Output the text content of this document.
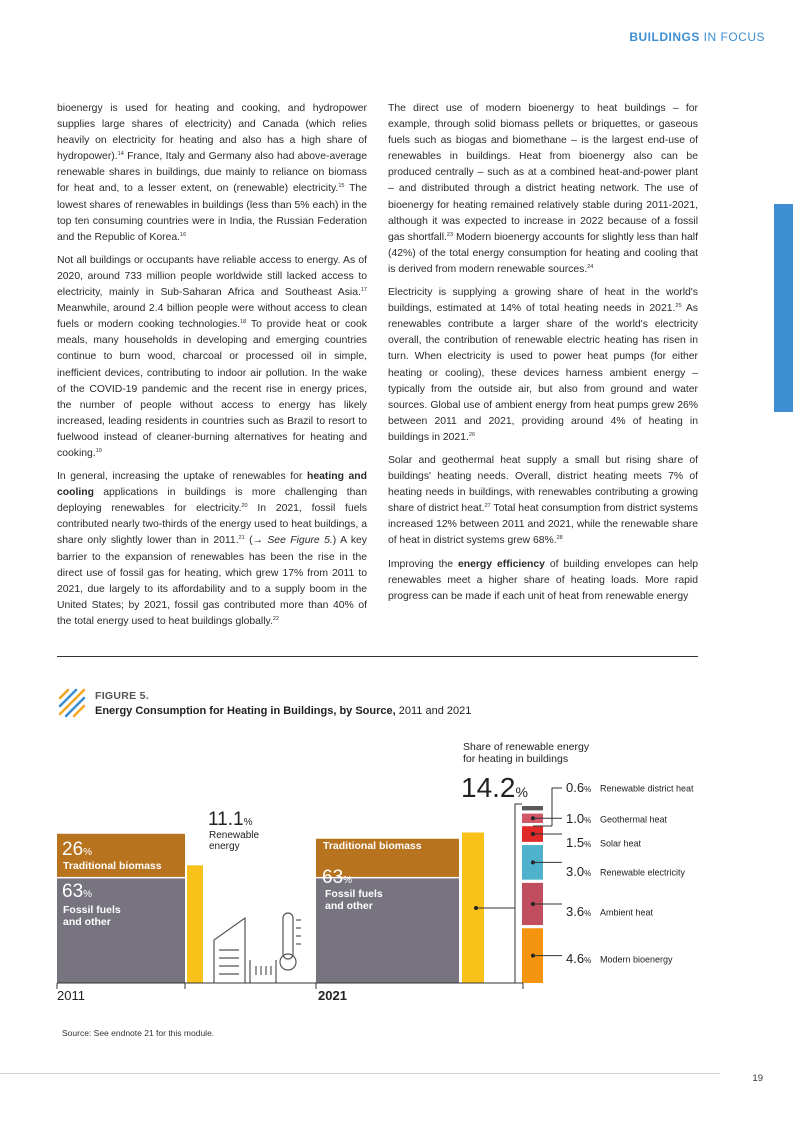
BUILDINGS IN FOCUS

bioenergy is used for heating and cooking, and hydropower supplies large shares of electricity) and Canada (which relies heavily on electricity for heating and also has a high share of hydropower).$^{14}$ France, Italy and Germany also had above-average renewable shares in buildings, due mainly to reliance on biomass for heat and, to a lesser extent, on (renewable) electricity.$^{15}$ The lowest shares of renewables in buildings (less than 5% each) in the top ten consuming countries were in India, the Russian Federation and the Republic of Korea.$^{16}$

Not all buildings or occupants have reliable access to energy. As of 2020, around 733 million people worldwide still lacked access to electricity, mainly in Sub-Saharan Africa and Southeast Asia.$^{17}$ Meanwhile, around 2.4 billion people were without access to clean fuels or modern cooking technologies.$^{18}$ To provide heat or cook meals, many households in developing and emerging countries continue to burn wood, charcoal or processed oil in simple, inefficient devices, contributing to indoor air pollution. In the wake of the COVID-19 pandemic and the recent rise in energy prices, the number of people without access to energy has likely increased, leading residents in countries such as Brazil to resort to fuelwood instead of cleaner-burning alternatives for heating and cooking.$^{19}$

In general, increasing the uptake of renewables for heating and cooling applications in buildings is more challenging than deploying renewables for electricity.$^{20}$ In 2021, fossil fuels contributed nearly two-thirds of the energy used to heat buildings, a share only slightly lower than in 2011.21 (→ See Figure 5.) A key barrier to the expansion of renewables has been the rise in the direct use of fossil gas for heating, which grew 17% from 2011 to 2021, due largely to its affordability and to a supply boom in the United States; by 2021, fossil gas contributed more than 40% of the total energy used to heat buildings globally.$^{22}$

The direct use of modern bioenergy to heat buildings – for example, through solid biomass pellets or briquettes, or gaseous fuels such as biogas and biomethane – is the largest end-use of renewables in buildings. Heat from bioenergy also can be produced centrally – such as at a combined heat-and-power plant – and distributed through a district heating network. The use of bioenergy for heating remained relatively stable during 2011-2021, although it was expected to increase in 2022 because of a fossil gas shortfall.$^{23}$ Modern bioenergy accounts for slightly less than half (42%) of the total energy consumption for heating and cooling that is derived from modern renewable sources.$^{24}$

Electricity is supplying a growing share of heat in the world's buildings, estimated at 14% of total heating needs in 2021.25 As renewables contribute a larger share of the world's electricity overall, the contribution of renewable electric heating has risen in turn. When electricity is used to power heat pumps (for either heating or cooling), these devices harness ambient energy – typically from the outside air, but also from ground and water sources. Global use of ambient energy from heat pumps grew 26% between 2011 and 2021, providing around 4% of heating in buildings in 2021.26

Solar and geothermal heat supply a small but rising share of buildings' heating needs. Overall, district heating meets 7% of heating needs in buildings, with renewables contributing a growing share of district heat.$^{27}$ Total heat consumption from district systems increased 12% between 2011 and 2021, while the renewable share of heat in district systems grew 68%.$^{28}$

Improving the energy efficiency of building envelopes can help renewables meet a higher share of heating loads. More rapid progress can be made if each unit of heat from renewable energy

FIGURE 5.
Energy Consumption for Heating in Buildings, by Source, 2011 and 2021
2011	2021
26%
Traditional biomass
63%
Fossil fuels
and other
11.1%
Renewable
energy
23%
Traditional biomass
63%
Fossil fuels
and other
Share of renewable energy
for heating in buildings
14.2%	0.6% Renewable district heat
1.0% Geothermal heat
1.5% Solar heat
3.0% Renewable electricity
3.6% Ambient heat
4.6% Modern bioenergy
Source: See endnote 21 for this module.
19
